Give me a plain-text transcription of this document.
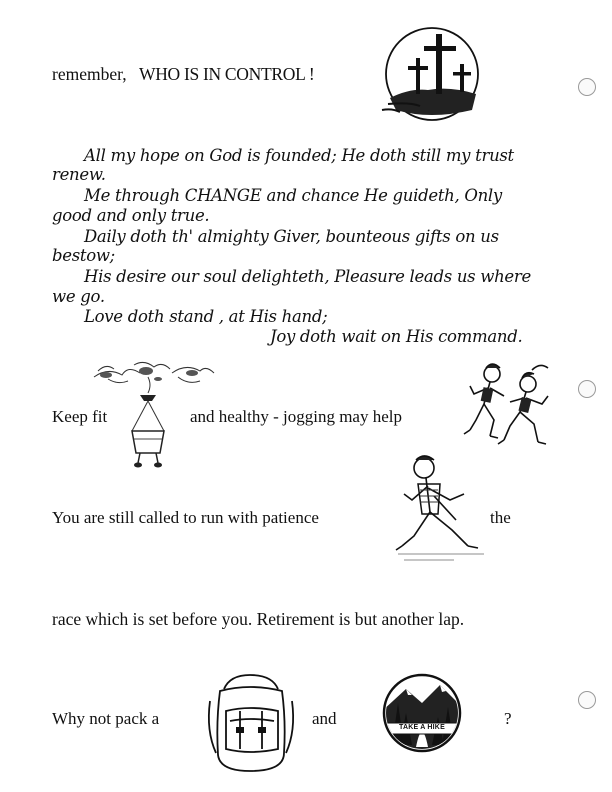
remember, WHO IS IN CONTROL !
All my hope on God is founded; He doth still my trust
renew.
Me through CHANGE and chance He guideth, Only
good and only true.
Daily doth th' almighty Giver, bounteous gifts on us
bestow;
His desire our soul delighteth, Pleasure leads us where
we go.
Love doth stand , at His hand;
Joy doth wait on His command.
Keep fit	and healthy - jogging may help
You are still called to run with patience	the
race which is set before you. Retirement is but another lap.
Why not pack a	and	?
TAKE A HIKE
